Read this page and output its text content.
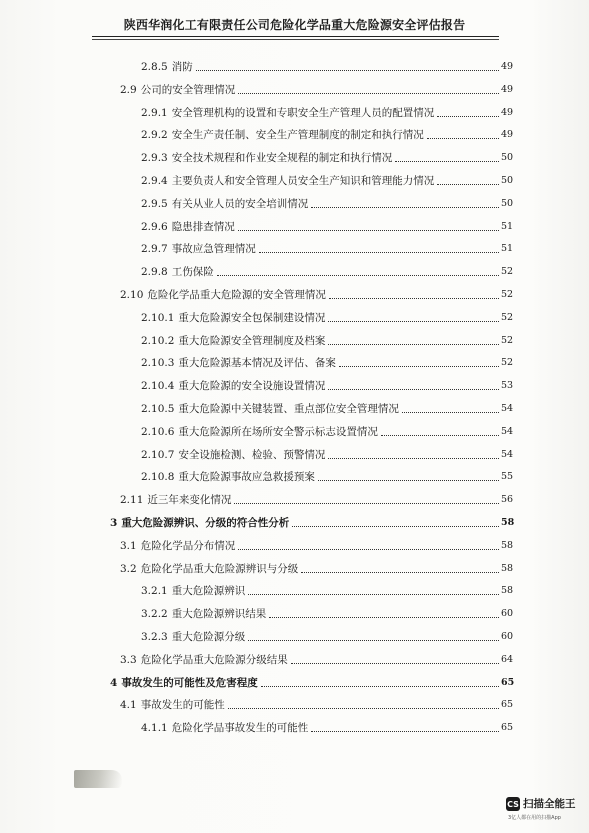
陕西华润化工有限责任公司危险化学品重大危险源安全评估报告
2.8.5 消防	49
2.9 公司的安全管理情况	49
2.9.1 安全管理机构的设置和专职安全生产管理人员的配置情况	49
2.9.2 安全生产责任制、安全生产管理制度的制定和执行情况	49
2.9.3 安全技术规程和作业安全规程的制定和执行情况	50
2.9.4 主要负责人和安全管理人员安全生产知识和管理能力情况	50
2.9.5 有关从业人员的安全培训情况	50
2.9.6 隐患排查情况	51
2.9.7 事故应急管理情况	51
2.9.8 工伤保险	52
2.10 危险化学品重大危险源的安全管理情况	52
2.10.1 重大危险源安全包保制建设情况	52
2.10.2 重大危险源安全管理制度及档案	52
2.10.3 重大危险源基本情况及评估、备案	52
2.10.4 重大危险源的安全设施设置情况	53
2.10.5 重大危险源中关键装置、重点部位安全管理情况	54
2.10.6 重大危险源所在场所安全警示标志设置情况	54
2.10.7 安全设施检测、检验、预警情况	54
2.10.8 重大危险源事故应急救援预案	55
2.11 近三年来变化情况	56
3 重大危险源辨识、分级的符合性分析	58
3.1 危险化学品分布情况	58
3.2 危险化学品重大危险源辨识与分级	58
3.2.1 重大危险源辨识	58
3.2.2 重大危险源辨识结果	60
3.2.3 重大危险源分级	60
3.3 危险化学品重大危险源分级结果	64
4 事故发生的可能性及危害程度	65
4.1 事故发生的可能性	65
4.1.1 危险化学品事故发生的可能性	65
CS 扫描全能王
3亿人都在用的扫描App
